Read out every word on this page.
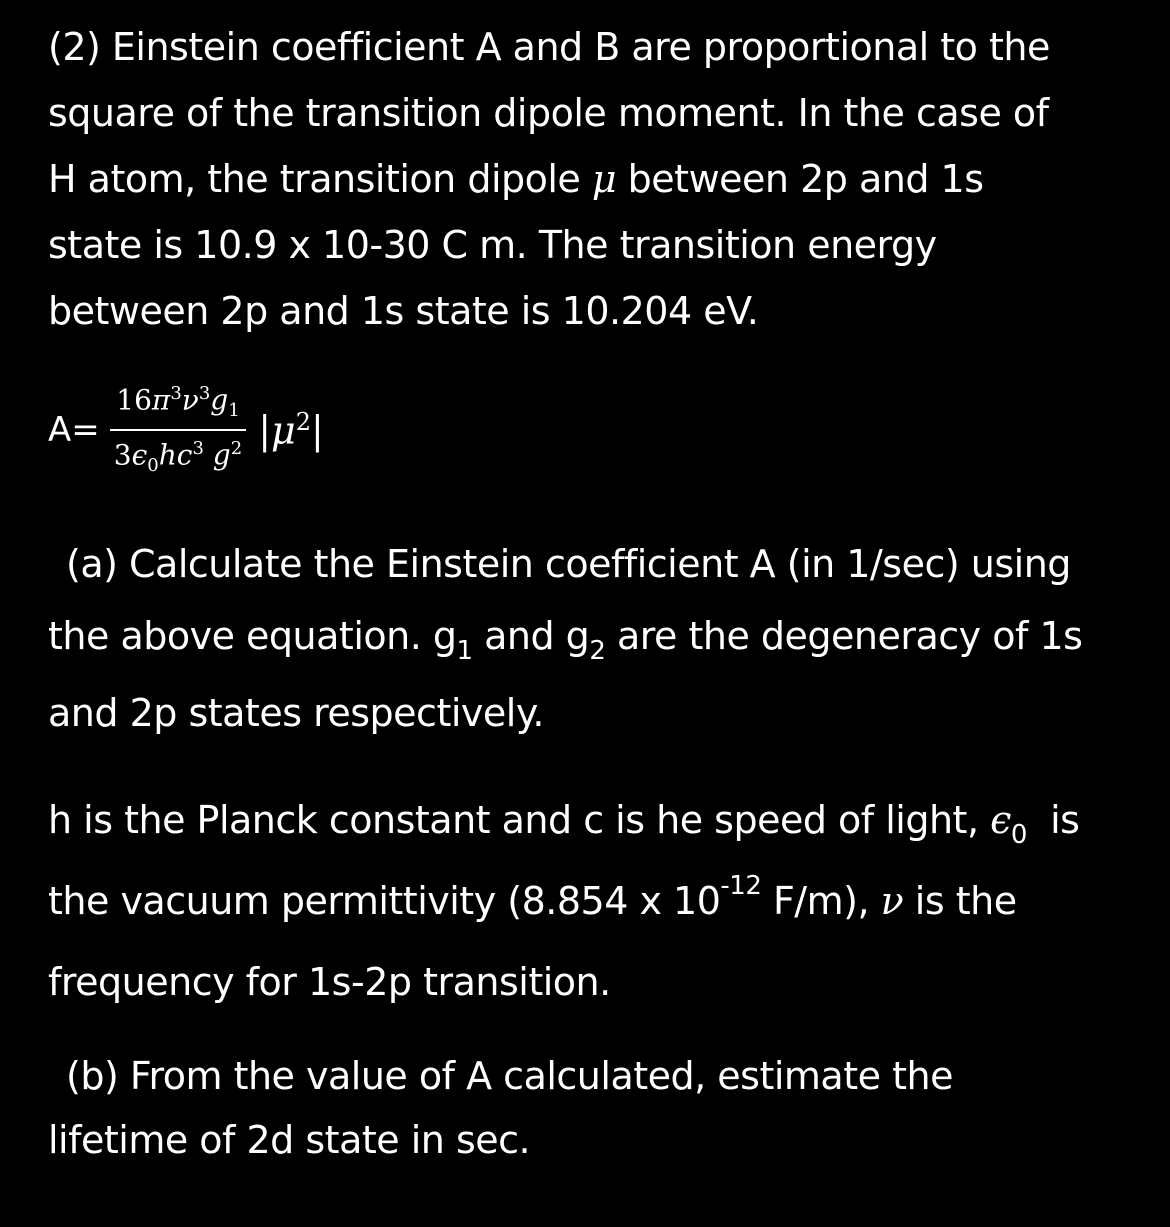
(2) Einstein coefficient A and B are proportional to the
square of the transition dipole moment. In the case of
H atom, the transition dipole μ between 2p and 1s
state is 10.9 x 10-30 C m. The transition energy
between 2p and 1s state is 10.204 eV.
$A= \frac{16\pi^3\nu^3g_1}{3\epsilon_0hc^3 g^2} |\mu^2|$
(a) Calculate the Einstein coefficient A (in 1/sec) using
the above equation. $g_1$ and $g_2$ are the degeneracy of 1s
and 2p states respectively.
h is the Planck constant and c is he speed of light, $\epsilon_0$  is
the vacuum permittivity (8.854 x $10^{-12}$ F/m), ν is the
frequency for 1s-2p transition.
(b) From the value of A calculated, estimate the
lifetime of 2d state in sec.
